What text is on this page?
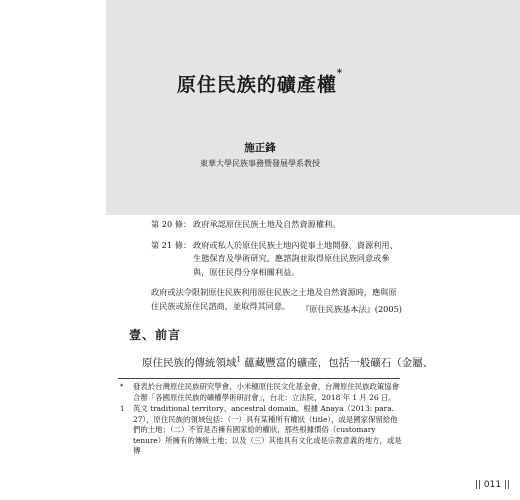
原住民族的礦產權*
施正鋒
東華大學民族事務暨發展學系教授
第 20 條： 政府承認原住民族土地及自然資源權利。
第 21 條： 政府或私人於原住民族土地內從事土地開發、資源利用、生態保育及學術研究，應諮詢並取得原住民族同意或參與，原住民得分享相關利益。
政府或法令限制原住民族利用原住民族之土地及自然資源時，應與原住民族或原住民諮商，並取得其同意。	『原住民族基本法』(2005)
壹、前言
原住民族的傳統領域$^1$ 蘊藏豐富的礦產，包括一般礦石（金屬、
* 發表於台灣原住民族研究學會、小米穗原住民文化基金會，台灣原住民族政策協會合辦「各國原住民族的礦權學術研討會」，台北：立法院，2018 年 1 月 26 日。
1 英文 traditional territory、ancestral domain。根據 Anaya（2013: para. 27），原住民族的領域包括：（一）具有某種所有權狀（title），或是國家保留給他們的土地；（二）不管是否擁有國家給的權狀，那些根據慣俗（customary tenure）所擁有的傳統土地；以及（三）其他具有文化或是宗教意義的地方，或是傳
|| 011 ||
